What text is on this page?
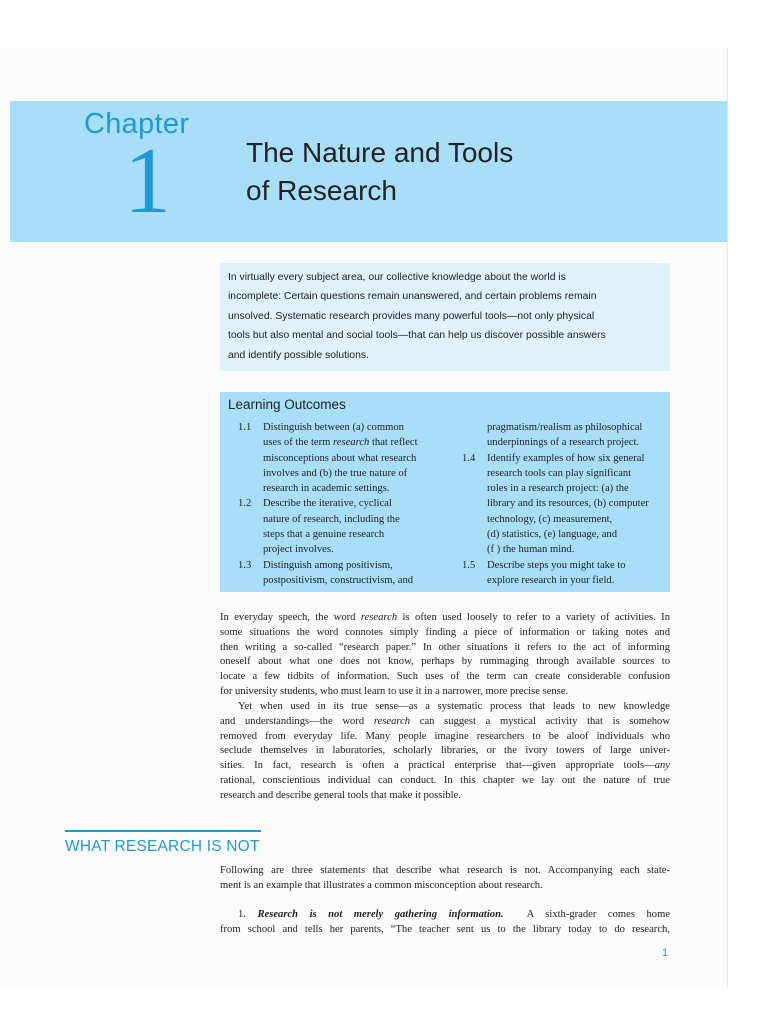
Chapter
1	The Nature and Tools
of Research
In virtually every subject area, our collective knowledge about the world is
incomplete: Certain questions remain unanswered, and certain problems remain
unsolved. Systematic research provides many powerful tools—not only physical
tools but also mental and social tools—that can help us discover possible answers
and identify possible solutions.
Learning Outcomes
1.1 Distinguish between (a) common
uses of the term research that reflect
misconceptions about what research
involves and (b) the true nature of
research in academic settings.
1.2 Describe the iterative, cyclical
nature of research, including the
steps that a genuine research
project involves.
1.3 Distinguish among positivism,
postpositivism, constructivism, and
pragmatism/realism as philosophical
underpinnings of a research project.
1.4 Identify examples of how six general
research tools can play significant
roles in a research project: (a) the
library and its resources, (b) computer
technology, (c) measurement,
(d) statistics, (e) language, and
(f ) the human mind.
1.5 Describe steps you might take to
explore research in your field.
In everyday speech, the word research is often used loosely to refer to a variety of activities. In
some situations the word connotes simply finding a piece of information or taking notes and
then writing a so-called “research paper.” In other situations it refers to the act of informing
oneself about what one does not know, perhaps by rummaging through available sources to
locate a few tidbits of information. Such uses of the term can create considerable confusion
for university students, who must learn to use it in a narrower, more precise sense.
Yet when used in its true sense—as a systematic process that leads to new knowledge
and understandings—the word research can suggest a mystical activity that is somehow
removed from everyday life. Many people imagine researchers to be aloof individuals who
seclude themselves in laboratories, scholarly libraries, or the ivory towers of large univer-
sities. In fact, research is often a practical enterprise that—given appropriate tools—any
rational, conscientious individual can conduct. In this chapter we lay out the nature of true
research and describe general tools that make it possible.
WHAT RESEARCH IS NOT
Following are three statements that describe what research is not. Accompanying each state-
ment is an example that illustrates a common misconception about research.
1. Research is not merely gathering information. A sixth-grader comes home
from school and tells her parents, “The teacher sent us to the library today to do research,
1
